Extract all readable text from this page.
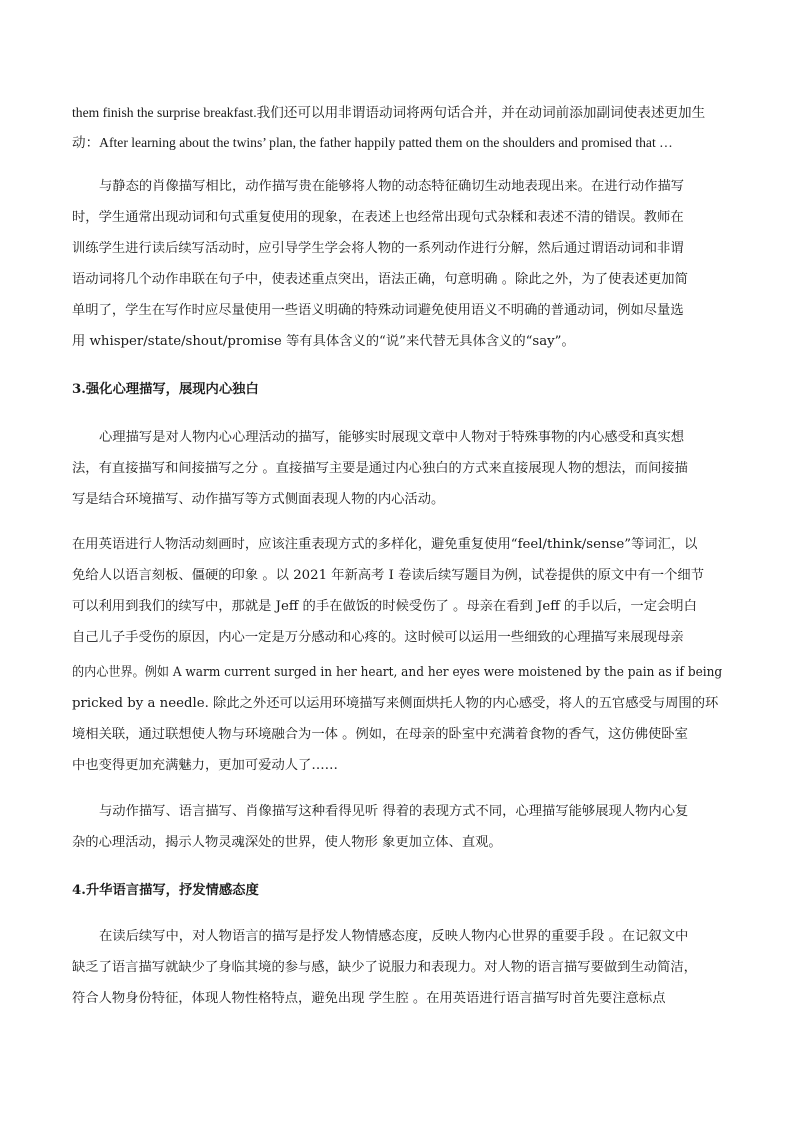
them finish the surprise breakfast.我们还可以用非谓语动词将两句话合并，并在动词前添加副词使表述更加生
动：After learning about the twins’ plan, the father happily patted them on the shoulders and promised that …
与静态的肖像描写相比，动作描写贵在能够将人物的动态特征确切生动地表现出来。在进行动作描写
时，学生通常出现动词和句式重复使用的现象，在表述上也经常出现句式杂糅和表述不清的错误。教师在
训练学生进行读后续写活动时，应引导学生学会将人物的一系列动作进行分解，然后通过谓语动词和非谓
语动词将几个动作串联在句子中，使表述重点突出，语法正确，句意明确 。除此之外，为了使表述更加简
单明了，学生在写作时应尽量使用一些语义明确的特殊动词避免使用语义不明确的普通动词，例如尽量选
用 whisper/state/shout/promise 等有具体含义的“说”来代替无具体含义的“say”。
3.强化心理描写，展现内心独白
心理描写是对人物内心心理活动的描写，能够实时展现文章中人物对于特殊事物的内心感受和真实想
法，有直接描写和间接描写之分 。直接描写主要是通过内心独白的方式来直接展现人物的想法，而间接描
写是结合环境描写、动作描写等方式侧面表现人物的内心活动。
在用英语进行人物活动刻画时，应该注重表现方式的多样化，避免重复使用“feel/think/sense”等词汇，以
免给人以语言刻板、僵硬的印象 。以 2021 年新高考 I 卷读后续写题目为例，试卷提供的原文中有一个细节
可以利用到我们的续写中，那就是 Jeff 的手在做饭的时候受伤了 。母亲在看到 Jeff 的手以后，一定会明白
自己儿子手受伤的原因，内心一定是万分感动和心疼的。这时候可以运用一些细致的心理描写来展现母亲
的内心世界。例如 A warm current surged in her heart, and her eyes were moistened by the pain as if being
pricked by a needle. 除此之外还可以运用环境描写来侧面烘托人物的内心感受，将人的五官感受与周围的环
境相关联，通过联想使人物与环境融合为一体 。例如，在母亲的卧室中充满着食物的香气，这仿佛使卧室
中也变得更加充满魅力，更加可爱动人了……
与动作描写、语言描写、肖像描写这种看得见听 得着的表现方式不同，心理描写能够展现人物内心复
杂的心理活动，揭示人物灵魂深处的世界，使人物形 象更加立体、直观。
4.升华语言描写，抒发情感态度
在读后续写中，对人物语言的描写是抒发人物情感态度，反映人物内心世界的重要手段 。在记叙文中
缺乏了语言描写就缺少了身临其境的参与感，缺少了说服力和表现力。对人物的语言描写要做到生动简洁，
符合人物身份特征，体现人物性格特点，避免出现 学生腔 。在用英语进行语言描写时首先要注意标点
